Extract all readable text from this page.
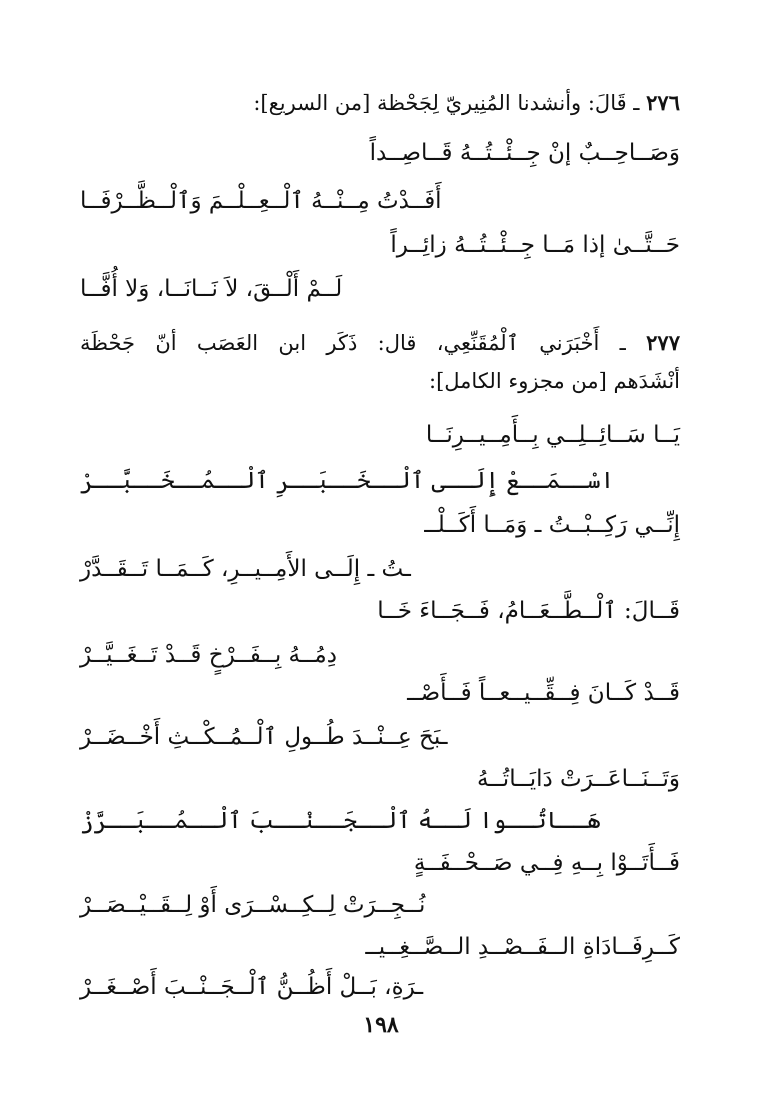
٢٧٦ ـ قَالَ: وأنشدنا المُنِيريّ لِجَحْظة [من السريع]:
وَصَــاحِــبٌ إنْ جِــئْــتُــهُ قَــاصِــداً
أَفَــدْتُ مِــنْــهُ ٱلْــعِــلْــمَ وَٱلْــظَّــرْفَــا
حَــتَّــىٰ إذا مَــا جِــئْــتُــهُ زائِــراً
لَــمْ أَلْــقَ، لاَ نَــانَــا، وَلا أُفَّــا
٢٧٧ ـ أَخْبَرَني ٱلْمُقَنِّعِي، قال: ذَكَر ابن العَصَب أنّ جَحْظَة
أنْشَدَهم [من مجزوء الكامل]:
يَــا سَــائِــلِــي بِــأَمِــيــرِنَــا
اسْــمَــعْ إِلَــى ٱلْــخَــبَــرِ ٱلْــمُــخَــبَّــرْ
إِنِّــي رَكِــبْــتُ ـ وَمَــا أَكَــلْــ
ـتُ ـ إِلَــى الأَمِــيــرِ، كَــمَــا تَــقَــدَّرْ
قَــالَ: ٱلْــطَّــعَــامُ، فَــجَــاءَ خَــا
دِمُــهُ بِــفَــرْخٍ قَــدْ تَــغَــيَّــرْ
قَــدْ كَــانَ فِــقِّــيــعــاً فَــأَصْــ
ـبَحَ عِــنْــدَ طُــولِ ٱلْــمُــكْــثِ أَخْــضَــرْ
وَتَــنَــاعَــرَتْ دَايَــاتُــهُ
هَــاتُــوا لَــهُ ٱلْــجَــنْــبَ ٱلْــمُــبَــرَّزْ
فَــأَتَــوْا بِــهِ فِــي صَــحْــفَــةٍ
نُــجِــرَتْ لِــكِــسْــرَى أَوْ لِــقَــيْــصَــرْ
كَــرِفَــادَاةِ الــفَــصْــدِ الــصَّــغِــيــ
ـرَةِ، بَــلْ أَظُــنُّ ٱلْــجَــنْــبَ أَصْــغَــرْ
١٩٨
